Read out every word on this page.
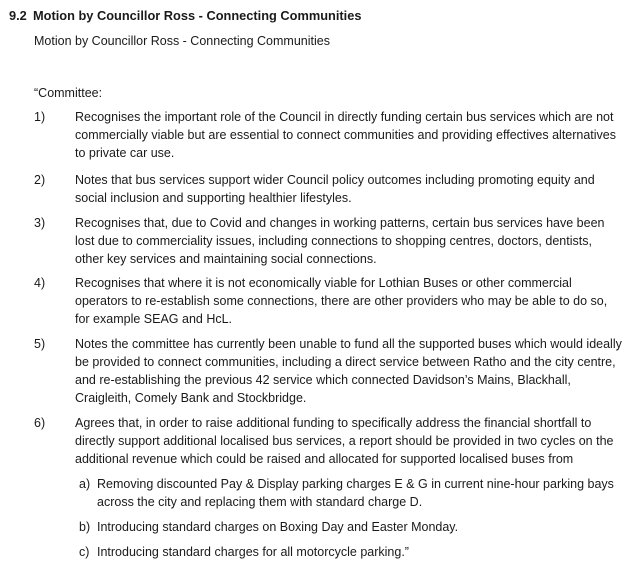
9.2 Motion by Councillor Ross - Connecting Communities
Motion by Councillor Ross - Connecting Communities
“Committee:
1) Recognises the important role of the Council in directly funding certain bus services which are not commercially viable but are essential to connect communities and providing effectives alternatives to private car use.
2) Notes that bus services support wider Council policy outcomes including promoting equity and social inclusion and supporting healthier lifestyles.
3) Recognises that, due to Covid and changes in working patterns, certain bus services have been lost due to commerciality issues, including connections to shopping centres, doctors, dentists, other key services and maintaining social connections.
4) Recognises that where it is not economically viable for Lothian Buses or other commercial operators to re-establish some connections, there are other providers who may be able to do so, for example SEAG and HcL.
5) Notes the committee has currently been unable to fund all the supported buses which would ideally be provided to connect communities, including a direct service between Ratho and the city centre, and re-establishing the previous 42 service which connected Davidson’s Mains, Blackhall, Craigleith, Comely Bank and Stockbridge.
6) Agrees that, in order to raise additional funding to specifically address the financial shortfall to directly support additional localised bus services, a report should be provided in two cycles on the additional revenue which could be raised and allocated for supported localised buses from
a) Removing discounted Pay & Display parking charges E & G in current nine-hour parking bays across the city and replacing them with standard charge D.
b) Introducing standard charges on Boxing Day and Easter Monday.
c) Introducing standard charges for all motorcycle parking.”
